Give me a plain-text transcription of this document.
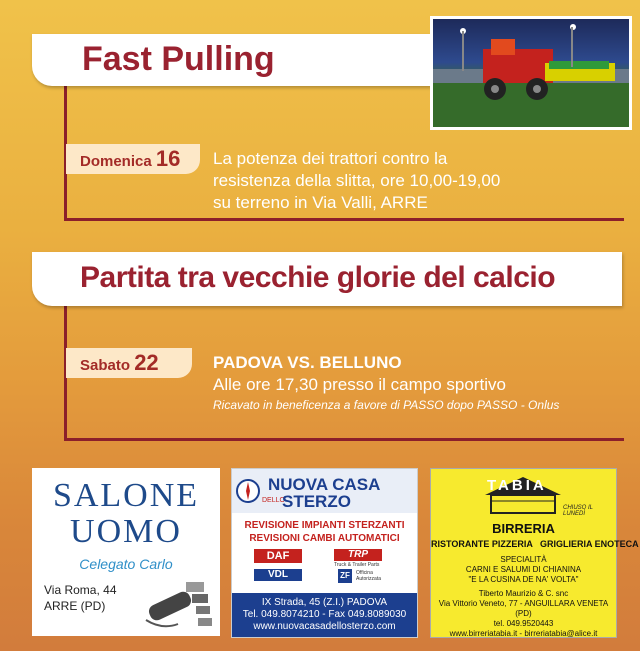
Fast Pulling
Domenica 16	La potenza dei trattori contro la
resistenza della slitta, ore 10,00-19,00
su terreno in Via Valli, ARRE
Partita tra vecchie glorie del calcio
Sabato 22	PADOVA VS. BELLUNO
Alle ore 17,30 presso il campo sportivo
Ricavato in beneficenza a favore di PASSO dopo PASSO - Onlus
SALONE
UOMO
Celegato Carlo
Via Roma, 44
ARRE (PD)
NUOVA CASA
DELLO
STERZO
REVISIONE IMPIANTI STERZANTI
REVISIONI CAMBI AUTOMATICI
DAF	TRP
Truck & Trailer Parts
VDL	ZF	Officina Autorizzata
IX Strada, 45 (Z.I.) PADOVA
Tel. 049.8074210 - Fax 049.8089030
www.nuovacasadellosterzo.com
TABIA
CHIUSO IL LUNEDÌ
BIRRERIA
RISTORANTE PIZZERIA   GRIGLIERIA ENOTECA
SPECIALITÀ
CARNI E SALUMI DI CHIANINA
"E LA CUSINA DE NA' VOLTA"
Tiberto Maurizio & C. snc
Via Vittorio Veneto, 77 - ANGUILLARA VENETA (PD)
tel. 049.9520443
www.birreriatabia.it - birreriatabia@alice.it
